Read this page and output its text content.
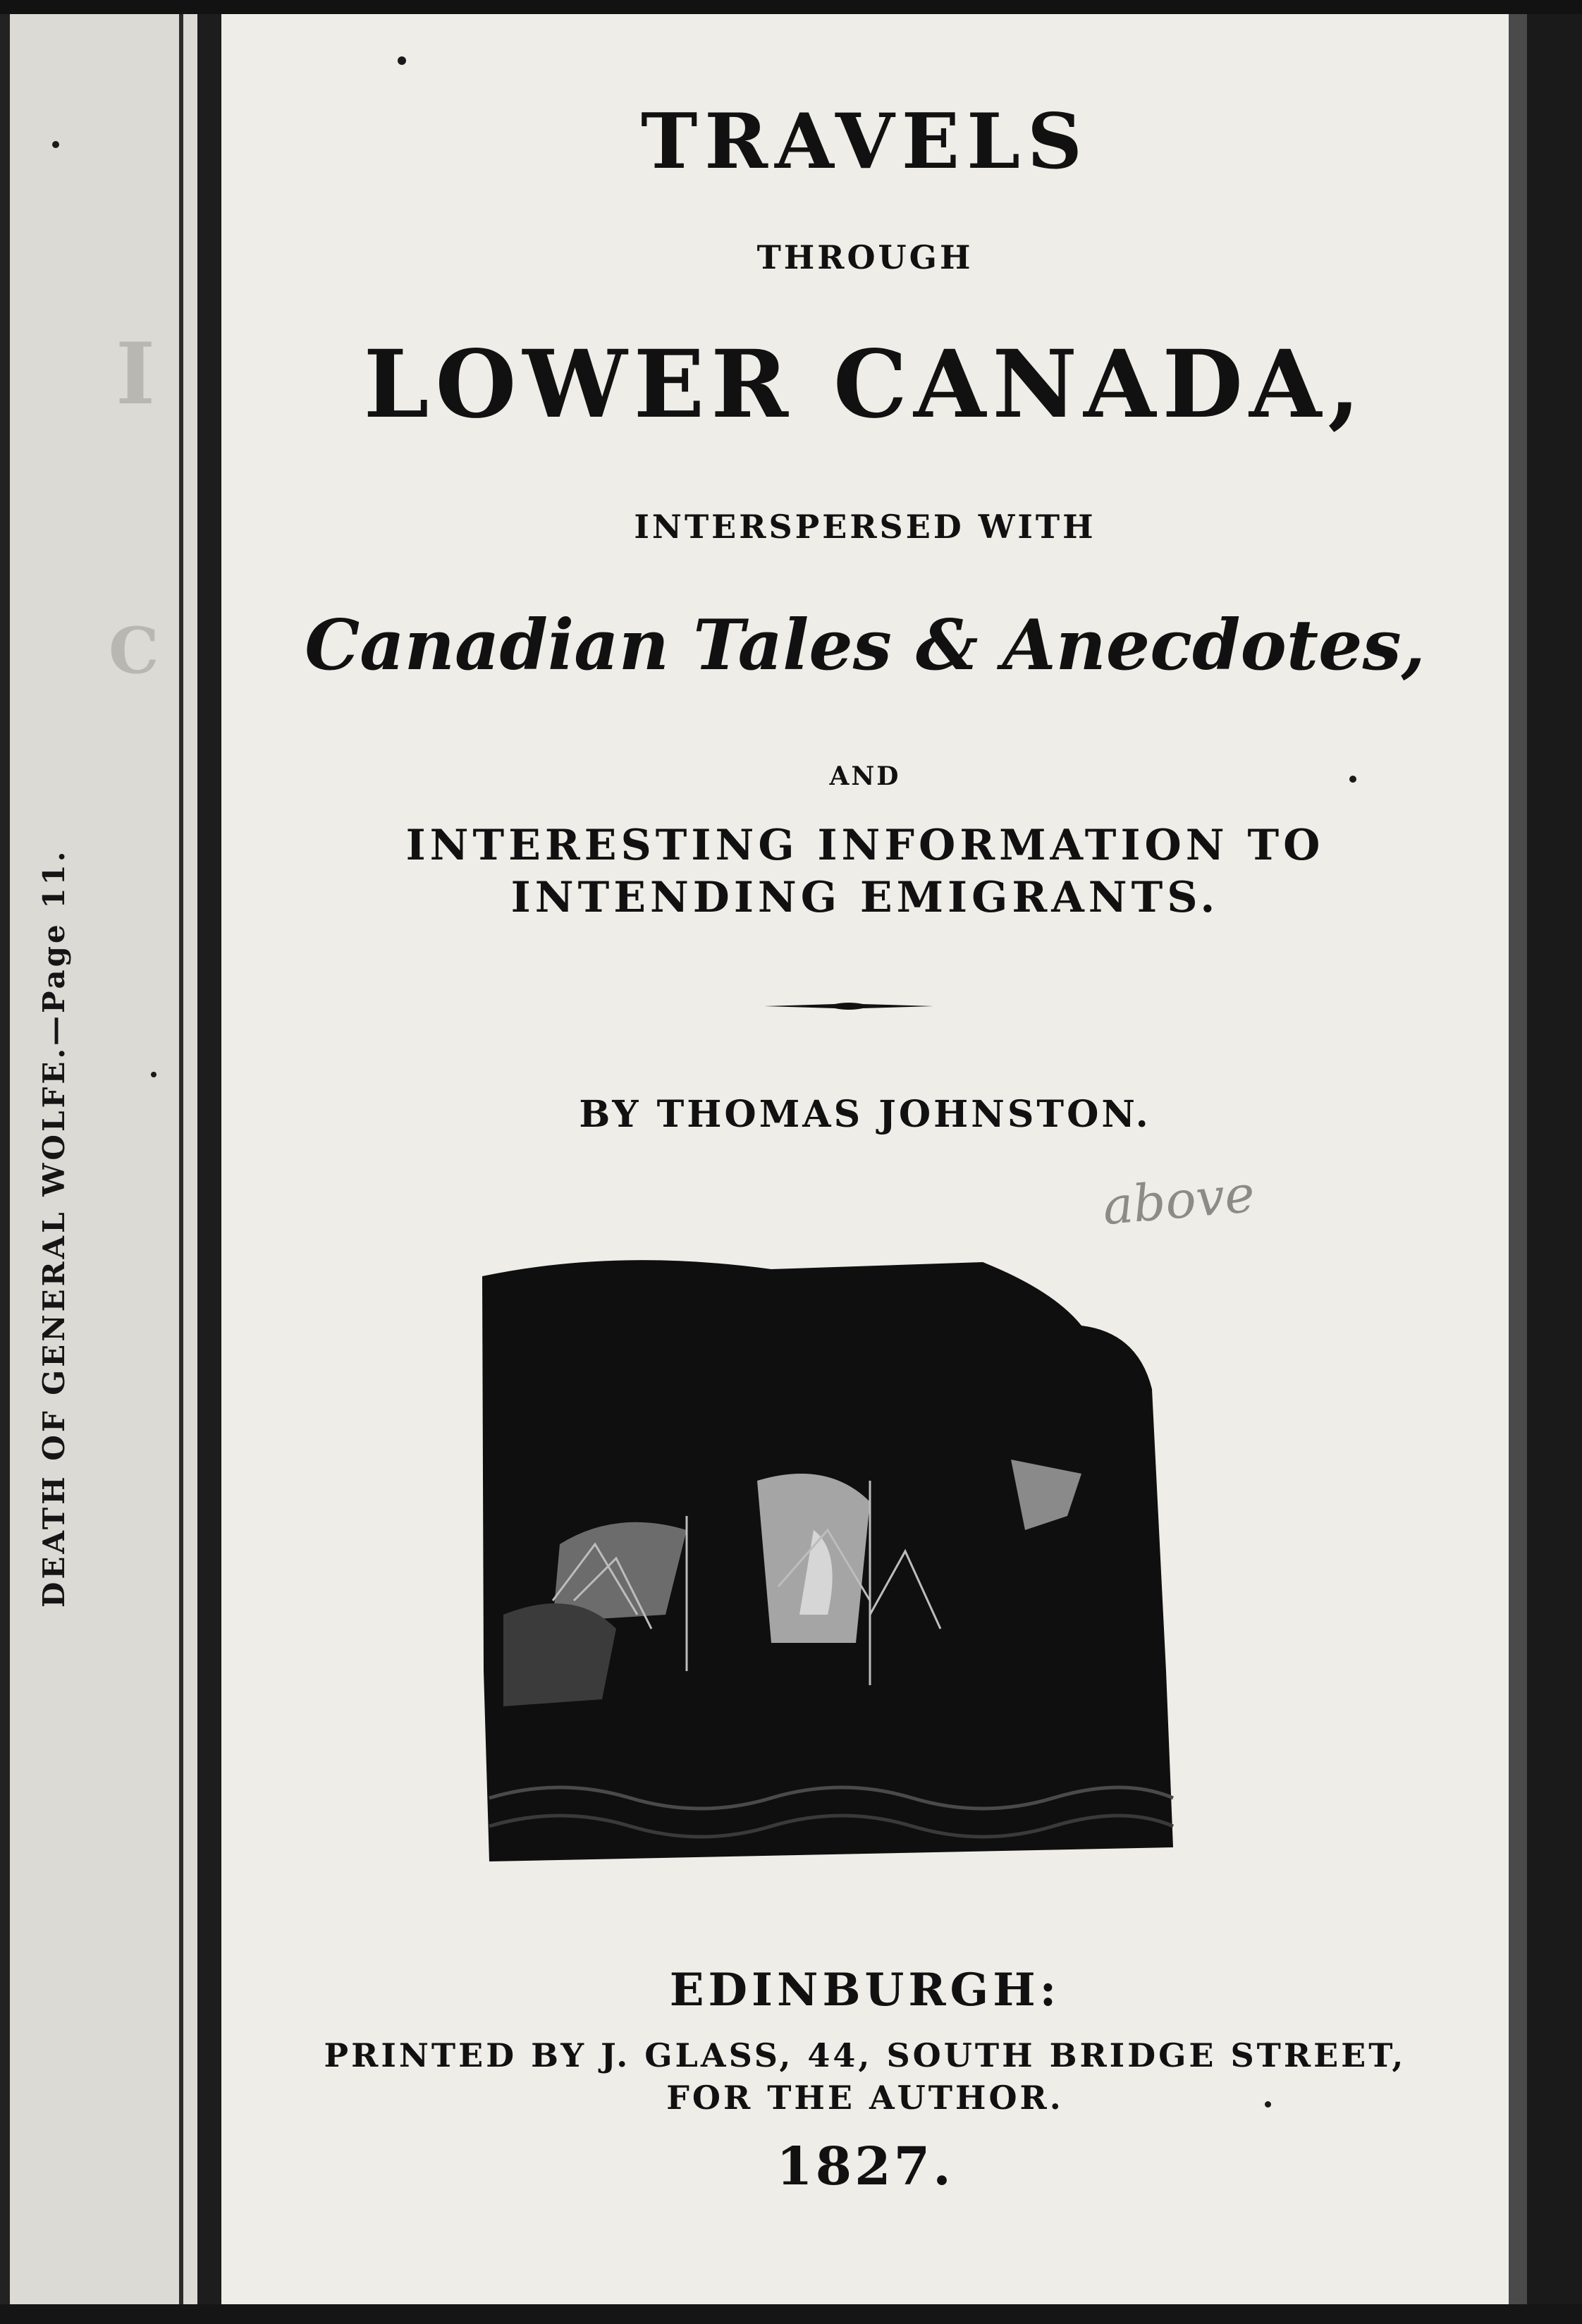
I
C
DEATH OF GENERAL WOLFE.—Page 11.
TRAVELS
THROUGH
LOWER CANADA,
INTERSPERSED WITH
Canadian Tales & Anecdotes,
AND
INTERESTING INFORMATION TO
INTENDING EMIGRANTS.
BY THOMAS JOHNSTON.
above
EDINBURGH:
PRINTED BY J. GLASS, 44, SOUTH BRIDGE STREET,
FOR THE AUTHOR.
1827.
